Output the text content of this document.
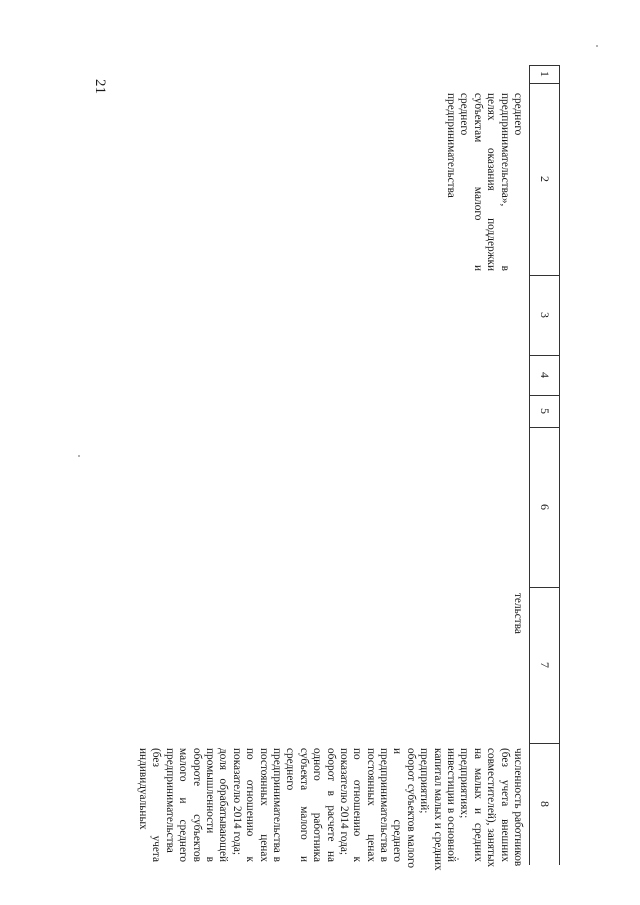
21
1
2
3
4
5
6
7
8
среднего
предпринимательства», в
целях оказания поддержки
субъектам малого и
среднего
предпринимательства
тельства
численность работников
(без учета внешних
совместителей), занятых
на малых и средних
предприятиях;
инвестиции в основной
капитал малых и средних
предприятий;
оборот субъектов малого
и среднего
предпринимательства в
постоянных ценах
по отношению к
показателю 2014 года;
оборот в расчете на
одного работника
субъекта малого и
среднего
предпринимательства в
постоянных ценах
по отношению к
показателю 2014 года;
доля обрабатывающей
промышленности в
обороте субъектов
малого и среднего
предпринимательства
(без учета
индивидуальных
